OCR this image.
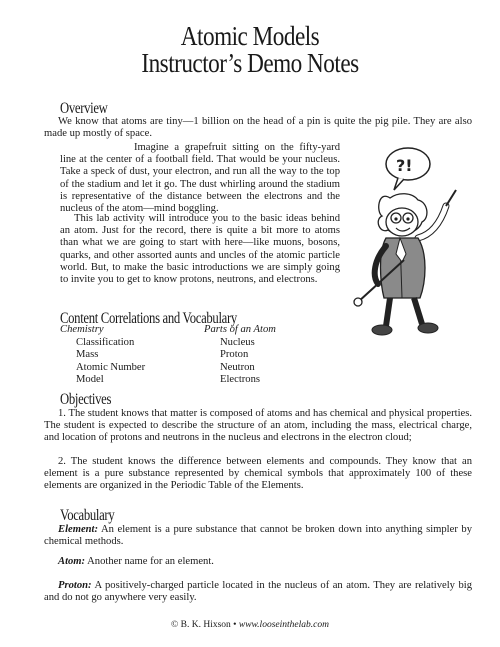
Atomic Models
Instructor’s Demo Notes
Overview

We know that atoms are tiny—1 billion on the head of a pin is quite the pig pile. They are also made up mostly of space.

Imagine a grapefruit sitting on the fifty-yard line at the center of a football field. That would be your nucleus. Take a speck of dust, your electron, and run all the way to the top of the stadium and let it go. The dust whirling around the stadium is representative of the distance between the electrons and the nucleus of the atom—mind boggling.

This lab activity will introduce you to the basic ideas behind an atom. Just for the record, there is quite a bit more to atoms than what we are going to start with here—like muons, bosons, quarks, and other assorted aunts and uncles of the atomic particle world. But, to make the basic introductions we are simply going to invite you to get to know protons, neutrons, and electrons.

?!
Content Correlations and Vocabulary
Chemistry
Classification
Mass
Atomic Number
Model
Parts of an Atom
Nucleus
Proton
Neutron
Electrons
Objectives

1. The student knows that matter is composed of atoms and has chemical and physical properties. The student is expected to describe the structure of an atom, including the mass, electrical charge, and location of protons and neutrons in the nucleus and electrons in the electron cloud;

2. The student knows the difference between elements and compounds. They know that an element is a pure substance represented by chemical symbols that approximately 100 of these elements are organized in the Periodic Table of the Elements.

Vocabulary

Element: An element is a pure substance that cannot be broken down into anything simpler by chemical methods.

Atom: Another name for an element.

Proton: A positively-charged particle located in the nucleus of an atom. They are relatively big and do not go anywhere very easily.

© B. K. Hixson • www.looseinthelab.com
